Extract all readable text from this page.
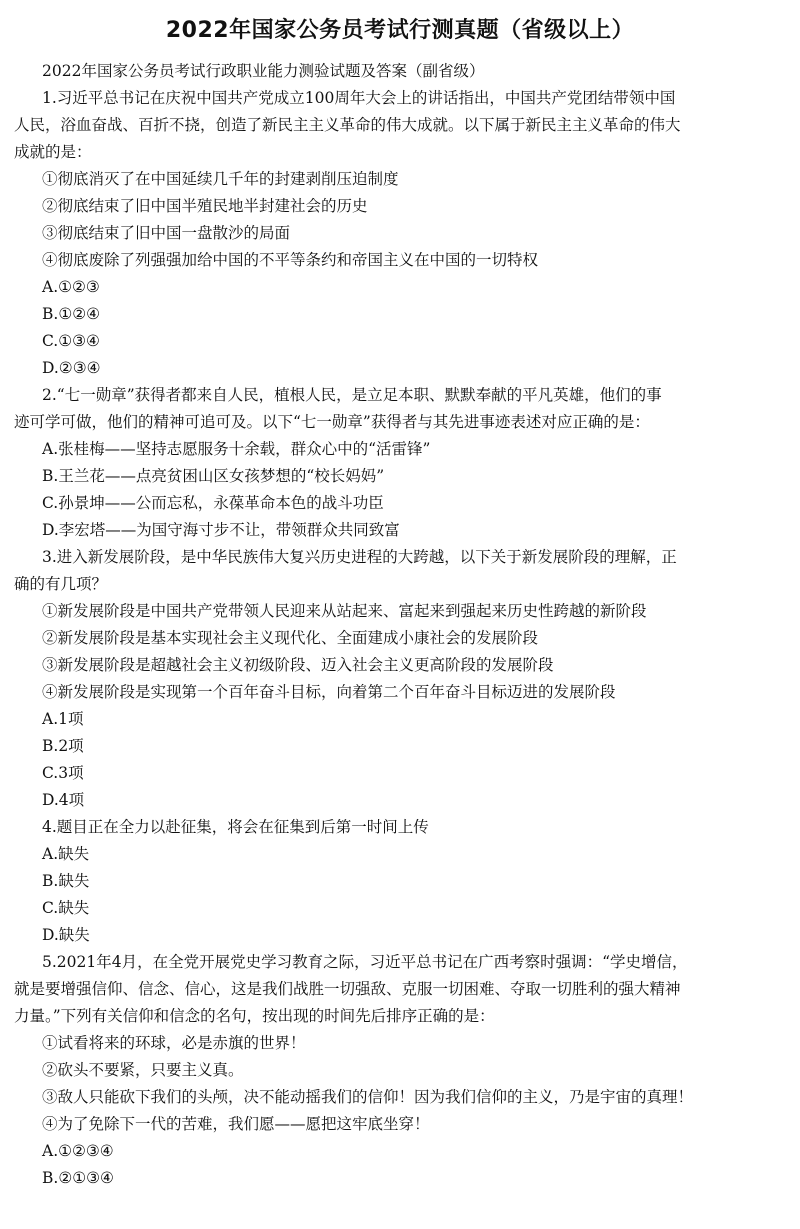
2022年国家公务员考试行测真题（省级以上）
2022年国家公务员考试行政职业能力测验试题及答案（副省级）
1.习近平总书记在庆祝中国共产党成立100周年大会上的讲话指出，中国共产党团结带领中国
人民，浴血奋战、百折不挠，创造了新民主主义革命的伟大成就。以下属于新民主主义革命的伟大
成就的是：
①彻底消灭了在中国延续几千年的封建剥削压迫制度
②彻底结束了旧中国半殖民地半封建社会的历史
③彻底结束了旧中国一盘散沙的局面
④彻底废除了列强强加给中国的不平等条约和帝国主义在中国的一切特权
A.①②③
B.①②④
C.①③④
D.②③④
2.“七一勋章”获得者都来自人民，植根人民，是立足本职、默默奉献的平凡英雄，他们的事
迹可学可做，他们的精神可追可及。以下“七一勋章”获得者与其先进事迹表述对应正确的是：
A.张桂梅——坚持志愿服务十余载，群众心中的“活雷锋”
B.王兰花——点亮贫困山区女孩梦想的“校长妈妈”
C.孙景坤——公而忘私，永葆革命本色的战斗功臣
D.李宏塔——为国守海寸步不让，带领群众共同致富
3.进入新发展阶段，是中华民族伟大复兴历史进程的大跨越，以下关于新发展阶段的理解，正
确的有几项？
①新发展阶段是中国共产党带领人民迎来从站起来、富起来到强起来历史性跨越的新阶段
②新发展阶段是基本实现社会主义现代化、全面建成小康社会的发展阶段
③新发展阶段是超越社会主义初级阶段、迈入社会主义更高阶段的发展阶段
④新发展阶段是实现第一个百年奋斗目标，向着第二个百年奋斗目标迈进的发展阶段
A.1项
B.2项
C.3项
D.4项
4.题目正在全力以赴征集，将会在征集到后第一时间上传
A.缺失
B.缺失
C.缺失
D.缺失
5.2021年4月，在全党开展党史学习教育之际，习近平总书记在广西考察时强调：“学史增信，
就是要增强信仰、信念、信心，这是我们战胜一切强敌、克服一切困难、夺取一切胜利的强大精神
力量。”下列有关信仰和信念的名句，按出现的时间先后排序正确的是：
①试看将来的环球，必是赤旗的世界！
②砍头不要紧，只要主义真。
③敌人只能砍下我们的头颅，决不能动摇我们的信仰！因为我们信仰的主义，乃是宇宙的真理！
④为了免除下一代的苦难，我们愿——愿把这牢底坐穿！
A.①②③④
B.②①③④
